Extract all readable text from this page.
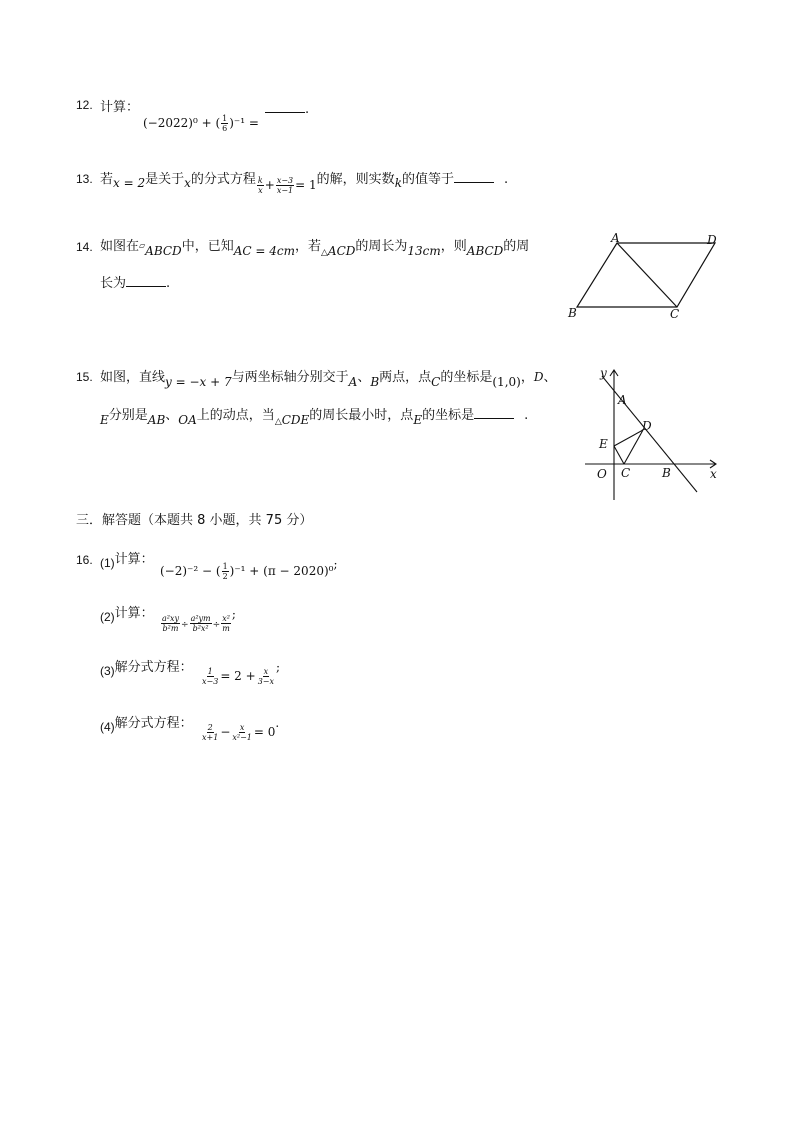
12. 计算：
(−2022)⁰ + ( $\frac{1}{6} )^{-1}$ =
.
13. 若x = 2是关于x的分式方程 $\frac{k}{x} + \frac{x-3}{x-1} = 1$的解，则实数k的值等于	.
14. 如图在▱ABCD中，已知AC = 4cm，若$_\triangle$ACD的周长为13cm，则ABCD的周
长为	.
A	D
B	C
15. 如图，直线y = −x + 7与两坐标轴分别交于A、B两点，点C的坐标是(1,0)，D、
E分别是AB、OA上的动点，当$_\triangle$CDE的周长最小时，点E的坐标是	.
y
x
A
D
E
O C	B
三．解答题（本题共 8 小题，共 75 分）
16. (1)计算：
(−2)⁻² − ( $\frac{1}{2} )^{-1} + (\pi - 2020)^0$;
(2)计算：
$\frac{\text{a²xy}}{\text{b²m}} \div \frac{\text{a²ym}}{\text{b²x²}} \div \frac{\text{x²}}{m}$ ;
(3)解分式方程： $\frac{1}{x-3} = 2 + \frac{x}{3-x}$ ;
(4)解分式方程： $\frac{2}{x+1} - \frac{x}{\text{x²−1}} = 0$.
